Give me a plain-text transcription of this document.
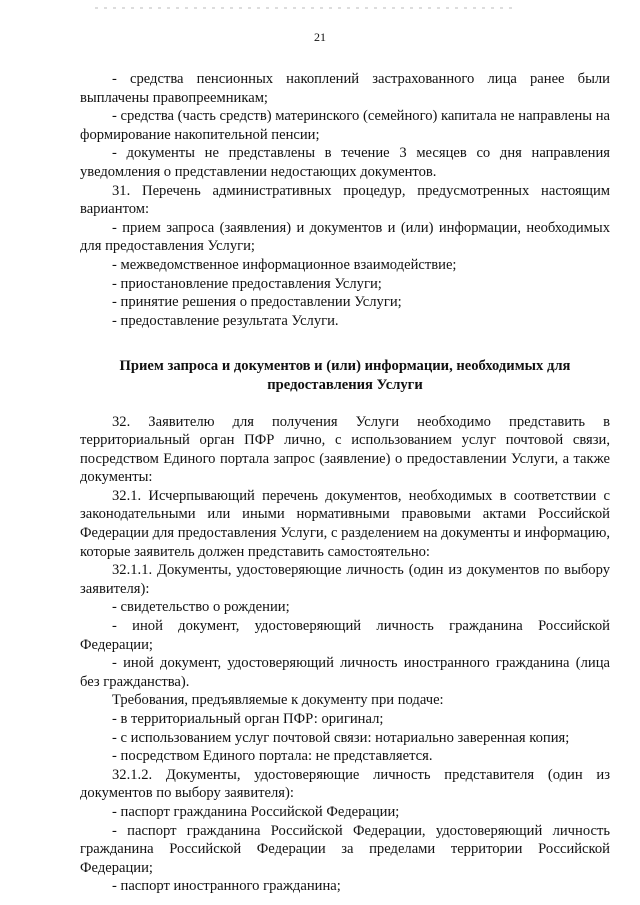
21

- средства пенсионных накоплений застрахованного лица ранее были выплачены правопреемникам;

- средства (часть средств) материнского (семейного) капитала не направлены на формирование накопительной пенсии;

- документы не представлены в течение 3 месяцев со дня направления уведомления о представлении недостающих документов.

31. Перечень административных процедур, предусмотренных настоящим вариантом:

- прием запроса (заявления) и документов и (или) информации, необходимых для предоставления Услуги;

- межведомственное информационное взаимодействие;

- приостановление предоставления Услуги;

- принятие решения о предоставлении Услуги;

- предоставление результата Услуги.

Прием запроса и документов и (или) информации, необходимых для предоставления Услуги

32. Заявителю для получения Услуги необходимо представить в территориальный орган ПФР лично, с использованием услуг почтовой связи, посредством Единого портала запрос (заявление) о предоставлении Услуги, а также документы:

32.1. Исчерпывающий перечень документов, необходимых в соответствии с законодательными или иными нормативными правовыми актами Российской Федерации для предоставления Услуги, с разделением на документы и информацию, которые заявитель должен представить самостоятельно:

32.1.1. Документы, удостоверяющие личность (один из документов по выбору заявителя):

- свидетельство о рождении;

- иной документ, удостоверяющий личность гражданина Российской Федерации;

- иной документ, удостоверяющий личность иностранного гражданина (лица без гражданства).

Требования, предъявляемые к документу при подаче:

- в территориальный орган ПФР: оригинал;

- с использованием услуг почтовой связи: нотариально заверенная копия;

- посредством Единого портала: не представляется.

32.1.2. Документы, удостоверяющие личность представителя (один из документов по выбору заявителя):

- паспорт гражданина Российской Федерации;

- паспорт гражданина Российской Федерации, удостоверяющий личность гражданина Российской Федерации за пределами территории Российской Федерации;

- паспорт иностранного гражданина;
